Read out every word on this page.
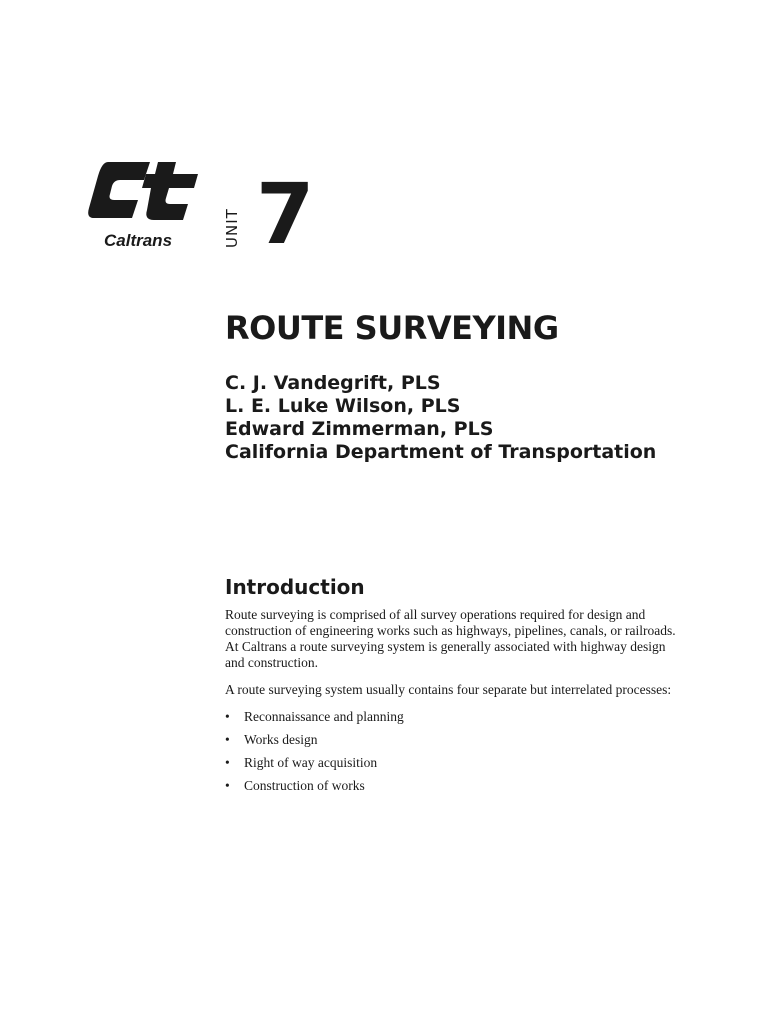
Caltrans	UNIT 7
ROUTE SURVEYING
C. J. Vandegrift, PLS
L. E. Luke Wilson, PLS
Edward Zimmerman, PLS
California Department of Transportation
Introduction

Route surveying is comprised of all survey operations required for design and construction of engineering works such as highways, pipelines, canals, or railroads. At Caltrans a route surveying system is generally associated with highway design and construction.

A route surveying system usually contains four separate but interrelated processes:

• Reconnaissance and planning
• Works design
• Right of way acquisition
• Construction of works
